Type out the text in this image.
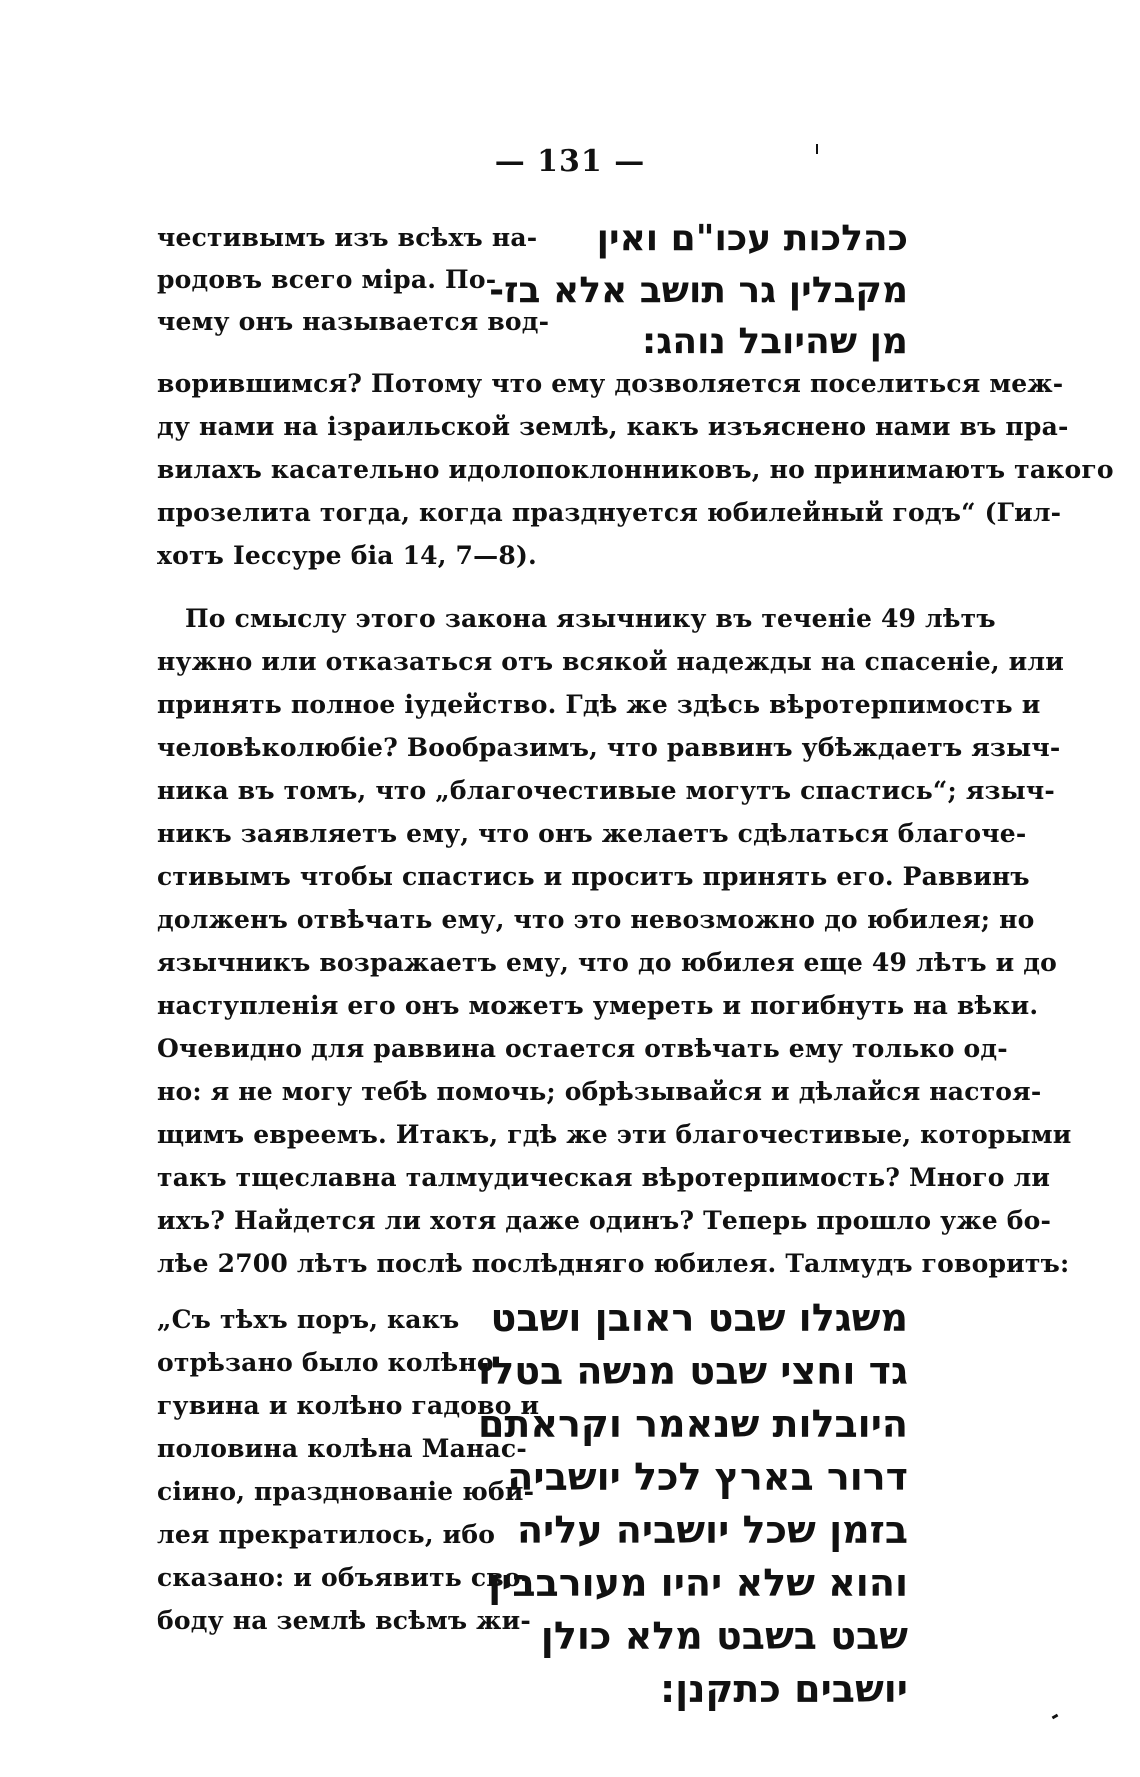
— 131 —
честивымъ изъ всѣхъ на-
родовъ всего міра. По-
чему онъ называется вод-
כהלכות עכו"ם ואין
מקבלין גר תושב אלא בז-
מן שהיובל נוהג:
ворившимся? Потому что ему дозволяется поселиться меж-
ду нами на ізраильской землѣ, какъ изъяснено нами въ пра-
вилахъ касательно идолопоклонниковъ, но принимаютъ такого
прозелита тогда, когда празднуется юбилейный годъ“ (Гил-
хотъ Іессуре біа 14, 7—8).
По смыслу этого закона язычнику въ теченіе 49 лѣтъ
нужно или отказаться отъ всякой надежды на спасеніе, или
принять полное іудейство. Гдѣ же здѣсь вѣротерпимость и
человѣколюбіе? Вообразимъ, что раввинъ убѣждаетъ языч-
ника въ томъ, что „благочестивые могутъ спастись“; языч-
никъ заявляетъ ему, что онъ желаетъ сдѣлаться благоче-
стивымъ чтобы спастись и проситъ принять его. Раввинъ
долженъ отвѣчать ему, что это невозможно до юбилея; но
язычникъ возражаетъ ему, что до юбилея еще 49 лѣтъ и до
наступленія его онъ можетъ умереть и погибнуть на вѣки.
Очевидно для раввина остается отвѣчать ему только од-
но: я не могу тебѣ помочь; обрѣзывайся и дѣлайся настоя-
щимъ евреемъ. Итакъ, гдѣ же эти благочестивые, которыми
такъ тщеславна талмудическая вѣротерпимость? Много ли
ихъ? Найдется ли хотя даже одинъ? Теперь прошло уже бо-
лѣе 2700 лѣтъ послѣ послѣдняго юбилея. Талмудъ говоритъ:
„Съ тѣхъ поръ, какъ
отрѣзано было колѣно
гувина и колѣно гадово и
половина колѣна Манас-
сіино, празднованіе юби-
лея прекратилось, ибо
сказано: и объявить сво-
боду на землѣ всѣмъ жи-
משגלו שבט ראובן ושבט
גד וחצי שבט מנשה בטלו
היובלות שנאמר וקראתם
דרור בארץ לכל יושביה
בזמן שכל יושביה עליה
והוא שלא יהיו מעורבבין
שבט בשבט מלא כולן
יושבים כתקנן:
